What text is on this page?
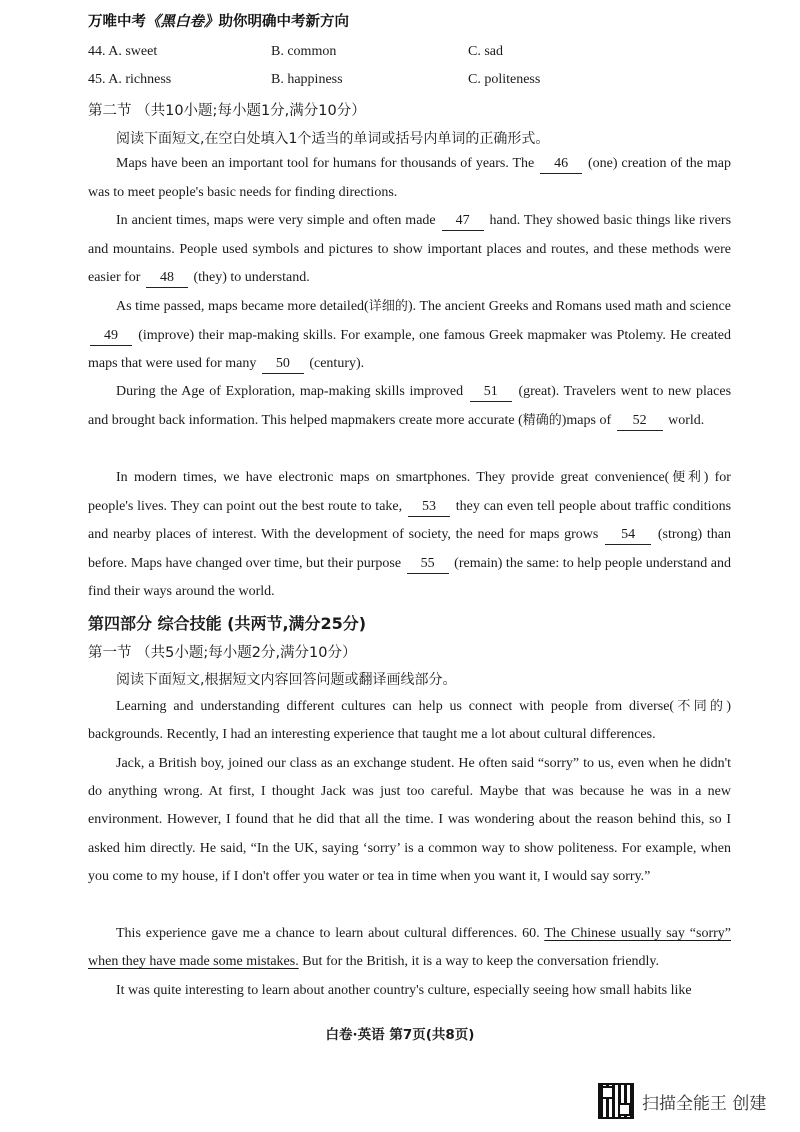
万唯中考《黑白卷》助你明确中考新方向
44. A. sweet	B. common	C. sad
45. A. richness	B. happiness	C. politeness
第二节 （共10小题;每小题1分,满分10分）
阅读下面短文,在空白处填入1个适当的单词或括号内单词的正确形式。

Maps have been an important tool for humans for thousands of years. The 46 (one) creation of the map was to meet people's basic needs for finding directions.

In ancient times, maps were very simple and often made 47 hand. They showed basic things like rivers and mountains. People used symbols and pictures to show important places and routes, and these methods were easier for 48 (they) to understand.

As time passed, maps became more detailed(详细的). The ancient Greeks and Romans used math and science 49 (improve) their map-making skills. For example, one famous Greek mapmaker was Ptolemy. He created maps that were used for many 50 (century).

During the Age of Exploration, map-making skills improved 51 (great). Travelers went to new places and brought back information. This helped mapmakers create more accurate (精确的)maps of 52 world.

In modern times, we have electronic maps on smartphones. They provide great convenience(便利) for people's lives. They can point out the best route to take, 53 they can even tell people about traffic conditions and nearby places of interest. With the development of society, the need for maps grows 54 (strong) than before. Maps have changed over time, but their purpose 55 (remain) the same: to help people understand and find their ways around the world.

第四部分 综合技能 (共两节,满分25分)
第一节 （共5小题;每小题2分,满分10分）
阅读下面短文,根据短文内容回答问题或翻译画线部分。

Learning and understanding different cultures can help us connect with people from diverse(不同的) backgrounds. Recently, I had an interesting experience that taught me a lot about cultural differences.

Jack, a British boy, joined our class as an exchange student. He often said “sorry” to us, even when he didn't do anything wrong. At first, I thought Jack was just too careful. Maybe that was because he was in a new environment. However, I found that he did that all the time. I was wondering about the reason behind this, so I asked him directly. He said, “In the UK, saying ‘sorry’ is a common way to show politeness. For example, when you come to my house, if I don't offer you water or tea in time when you want it, I would say sorry.”

This experience gave me a chance to learn about cultural differences. 60. The Chinese usually say “sorry” when they have made some mistakes. But for the British, it is a way to keep the conversation friendly.

It was quite interesting to learn about another country's culture, especially seeing how small habits like

白卷·英语 第7页(共8页)
扫描全能王 创建
